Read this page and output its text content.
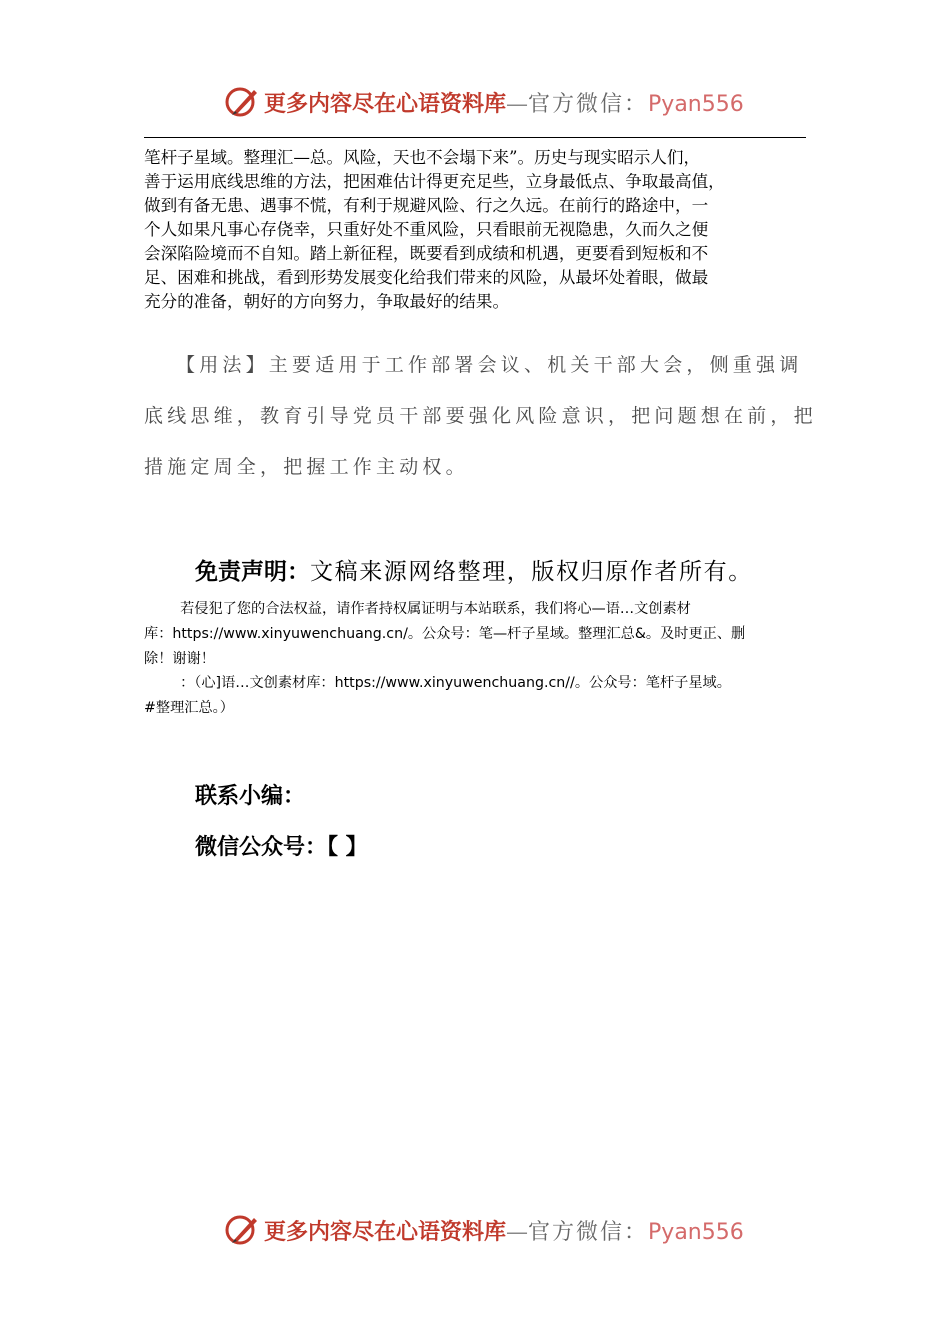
更多内容尽在心语资料库—官方微信：Pyan556
笔杆子星域。整理汇—总。风险，天也不会塌下来”。历史与现实昭示人们，
善于运用底线思维的方法，把困难估计得更充足些，立身最低点、争取最高值，
做到有备无患、遇事不慌，有利于规避风险、行之久远。在前行的路途中，一
个人如果凡事心存侥幸，只重好处不重风险，只看眼前无视隐患，久而久之便
会深陷险境而不自知。踏上新征程，既要看到成绩和机遇，更要看到短板和不
足、困难和挑战，看到形势发展变化给我们带来的风险，从最坏处着眼，做最
充分的准备，朝好的方向努力，争取最好的结果。
【用法】主要适用于工作部署会议、机关干部大会，侧重强调
底线思维，教育引导党员干部要强化风险意识，把问题想在前，把
措施定周全，把握工作主动权。
免责声明：文稿来源网络整理，版权归原作者所有。
若侵犯了您的合法权益，请作者持权属证明与本站联系，我们将心—语…文创素材
库：https://www.xinyuwenchuang.cn/。公众号：笔—杆子星域。整理汇总&。及时更正、删
除！谢谢！
：（心]语…文创素材库：https://www.xinyuwenchuang.cn//。公众号：笔杆子星域。
#整理汇总。）
联系小编：
微信公众号：【 】
更多内容尽在心语资料库—官方微信：Pyan556
